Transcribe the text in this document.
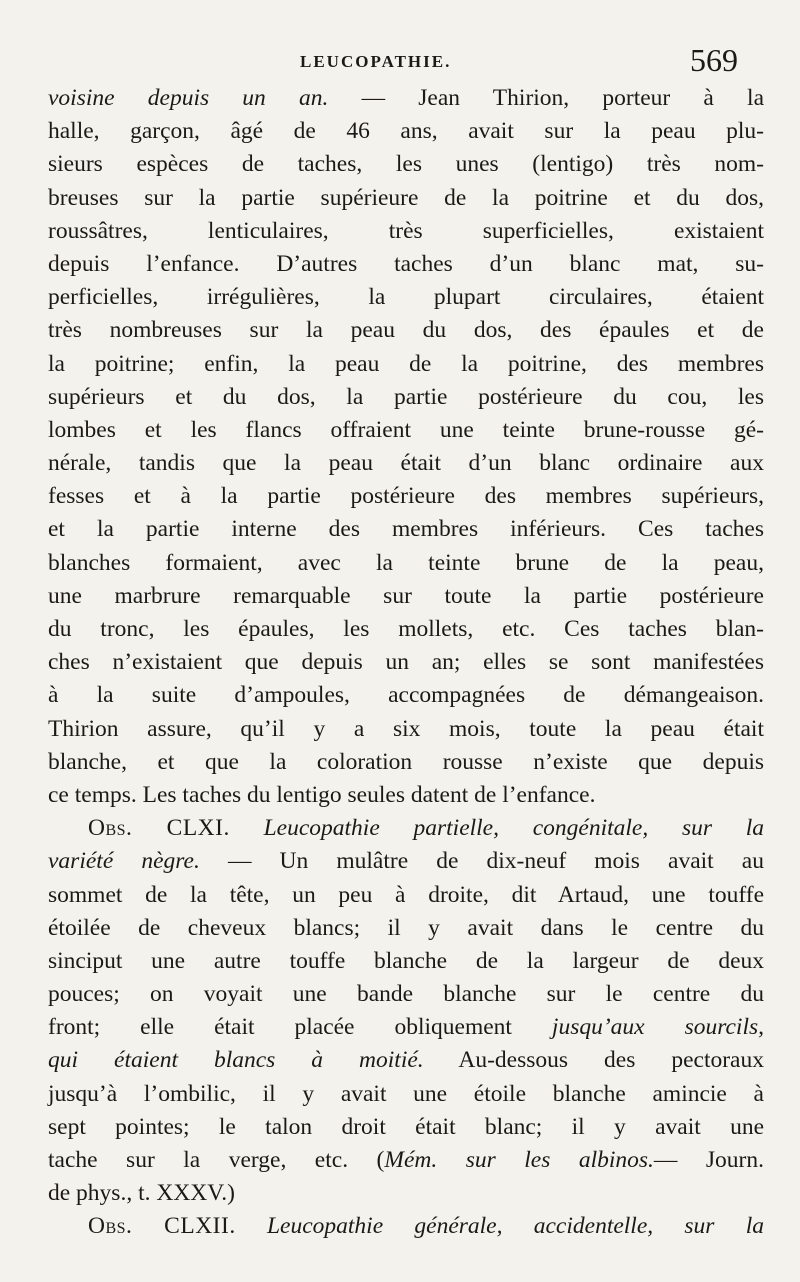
LEUCOPATHIE.	569
voisine depuis un an. — Jean Thirion, porteur à la
halle, garçon, âgé de 46 ans, avait sur la peau plu-
sieurs espèces de taches, les unes (lentigo) très nom-
breuses sur la partie supérieure de la poitrine et du dos,
roussâtres, lenticulaires, très superficielles, existaient
depuis l’enfance. D’autres taches d’un blanc mat, su-
perficielles, irrégulières, la plupart circulaires, étaient
très nombreuses sur la peau du dos, des épaules et de
la poitrine; enfin, la peau de la poitrine, des membres
supérieurs et du dos, la partie postérieure du cou, les
lombes et les flancs offraient une teinte brune-rousse gé-
nérale, tandis que la peau était d’un blanc ordinaire aux
fesses et à la partie postérieure des membres supérieurs,
et la partie interne des membres inférieurs. Ces taches
blanches formaient, avec la teinte brune de la peau,
une marbrure remarquable sur toute la partie postérieure
du tronc, les épaules, les mollets, etc. Ces taches blan-
ches n’existaient que depuis un an; elles se sont manifestées
à la suite d’ampoules, accompagnées de démangeaison.
Thirion assure, qu’il y a six mois, toute la peau était
blanche, et que la coloration rousse n’existe que depuis
ce temps. Les taches du lentigo seules datent de l’enfance.
Obs. CLXI. Leucopathie partielle, congénitale, sur la
variété nègre. — Un mulâtre de dix-neuf mois avait au
sommet de la tête, un peu à droite, dit Artaud, une touffe
étoilée de cheveux blancs; il y avait dans le centre du
sinciput une autre touffe blanche de la largeur de deux
pouces; on voyait une bande blanche sur le centre du
front; elle était placée obliquement jusqu’aux sourcils,
qui étaient blancs à moitié. Au-dessous des pectoraux
jusqu’à l’ombilic, il y avait une étoile blanche amincie à
sept pointes; le talon droit était blanc; il y avait une
tache sur la verge, etc. (Mém. sur les albinos.— Journ.
de phys., t. XXXV.)
Obs. CLXII. Leucopathie générale, accidentelle, sur la
